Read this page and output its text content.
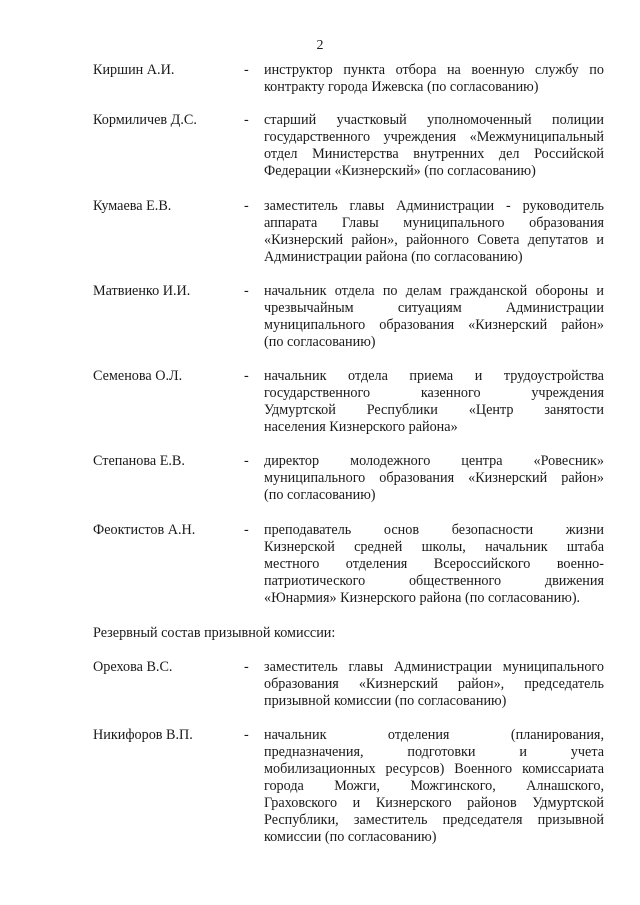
2
Киршин А.И.	- инструктор пункта отбора на военную службу по
контракту города Ижевска (по согласованию)
Кормиличев Д.С.	- старший участковый уполномоченный полиции
государственного учреждения «Межмуниципальный
отдел Министерства внутренних дел Российской
Федерации «Кизнерский» (по согласованию)
Кумаева Е.В.	- заместитель главы Администрации - руководитель
аппарата Главы муниципального образования
«Кизнерский район», районного Совета депутатов и
Администрации района (по согласованию)
Матвиенко И.И.	- начальник отдела по делам гражданской обороны и
чрезвычайным ситуациям Администрации
муниципального образования «Кизнерский район»
(по согласованию)
Семенова О.Л.	- начальник отдела приема и трудоустройства
государственного казенного учреждения
Удмуртской Республики «Центр занятости
населения Кизнерского района»
Степанова Е.В.	- директор молодежного центра «Ровесник»
муниципального образования «Кизнерский район»
(по согласованию)
Феоктистов А.Н.	- преподаватель основ безопасности жизни
Кизнерской средней школы, начальник штаба
местного отделения Всероссийского военно-
патриотического общественного движения
«Юнармия» Кизнерского района (по согласованию).
Резервный состав призывной комиссии:
Орехова В.С.	- заместитель главы Администрации муниципального
образования «Кизнерский район», председатель
призывной комиссии (по согласованию)
Никифоров В.П.	- начальник отделения (планирования,
предназначения, подготовки и учета
мобилизационных ресурсов) Военного комиссариата
города Можги, Можгинского, Алнашского,
Граховского и Кизнерского районов Удмуртской
Республики, заместитель председателя призывной
комиссии (по согласованию)
